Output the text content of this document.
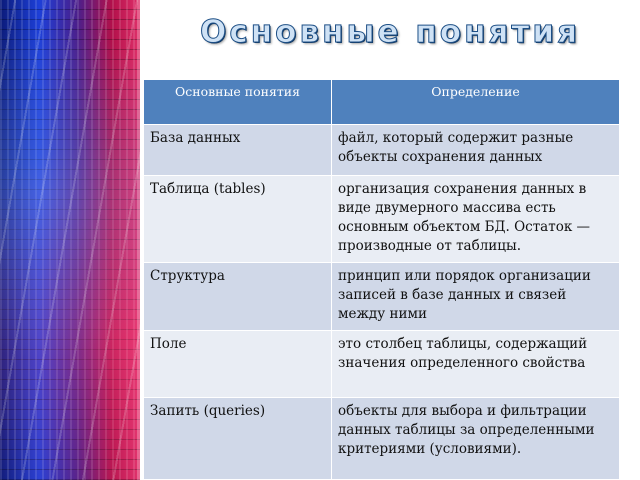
Основные понятия
Основные понятия	Определение
База данных	файл, который содержит разные объекты сохранения данных
Таблица (tables)	организация сохранения данных в виде двумерного массива есть основным объектом БД. Остаток — производные от таблицы.
Структура	принцип или порядок организации записей в базе данных и связей между ними
Поле	это столбец таблицы, содержащий значения определенного свойства
Запить (queries)	объекты для выбора и фильтрации данных таблицы за определенными критериями (условиями).
